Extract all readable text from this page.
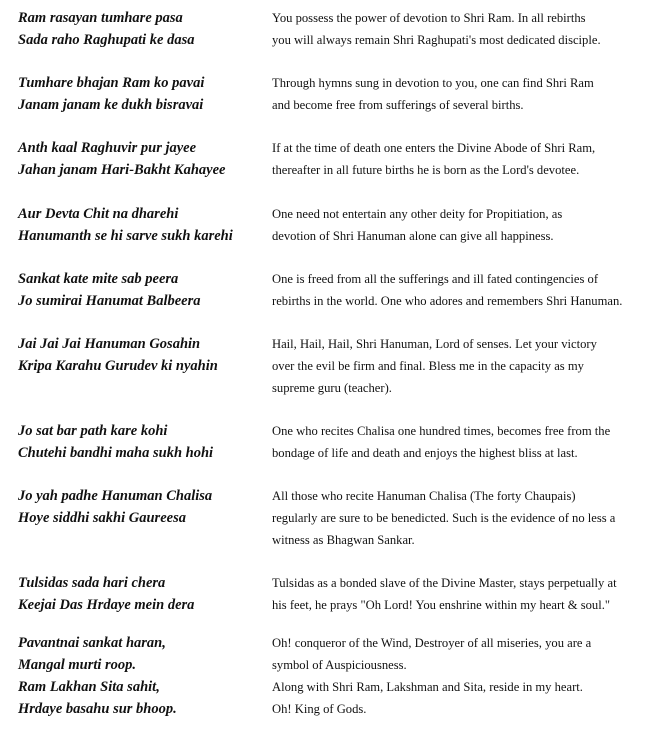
Ram rasayan tumhare pasa
Sada raho Raghupati ke dasa

You possess the power of devotion to Shri Ram. In all rebirths
you will always remain Shri Raghupati's most dedicated disciple.

Tumhare bhajan Ram ko pavai
Janam janam ke dukh bisravai

Through hymns sung in devotion to you, one can find Shri Ram
and become free from sufferings of several births.

Anth kaal Raghuvir pur jayee
Jahan janam Hari-Bakht Kahayee

If at the time of death one enters the Divine Abode of Shri Ram,
thereafter in all future births he is born as the Lord's devotee.

Aur Devta Chit na dharehi
Hanumanth se hi sarve sukh karehi

One need not entertain any other deity for Propitiation, as
devotion of Shri Hanuman alone can give all happiness.

Sankat kate mite sab peera
Jo sumirai Hanumat Balbeera

One is freed from all the sufferings and ill fated contingencies of
rebirths in the world. One who adores and remembers Shri Hanuman.

Jai Jai Jai Hanuman Gosahin
Kripa Karahu Gurudev ki nyahin

Hail, Hail, Hail, Shri Hanuman, Lord of senses. Let your victory
over the evil be firm and final. Bless me in the capacity as my
supreme guru (teacher).

Jo sat bar path kare kohi
Chutehi bandhi maha sukh hohi

One who recites Chalisa one hundred times, becomes free from the
bondage of life and death and enjoys the highest bliss at last.

Jo yah padhe Hanuman Chalisa
Hoye siddhi sakhi Gaureesa

All those who recite Hanuman Chalisa (The forty Chaupais)
regularly are sure to be benedicted. Such is the evidence of no less a
witness as Bhagwan Sankar.

Tulsidas sada hari chera
Keejai Das Hrdaye mein dera

Tulsidas as a bonded slave of the Divine Master, stays perpetually at
his feet, he prays "Oh Lord! You enshrine within my heart & soul."

Pavantnai sankat haran,
Mangal murti roop.
Ram Lakhan Sita sahit,
Hrdaye basahu sur bhoop.

Oh! conqueror of the Wind, Destroyer of all miseries, you are a
symbol of Auspiciousness.
Along with Shri Ram, Lakshman and Sita, reside in my heart.
Oh! King of Gods.
